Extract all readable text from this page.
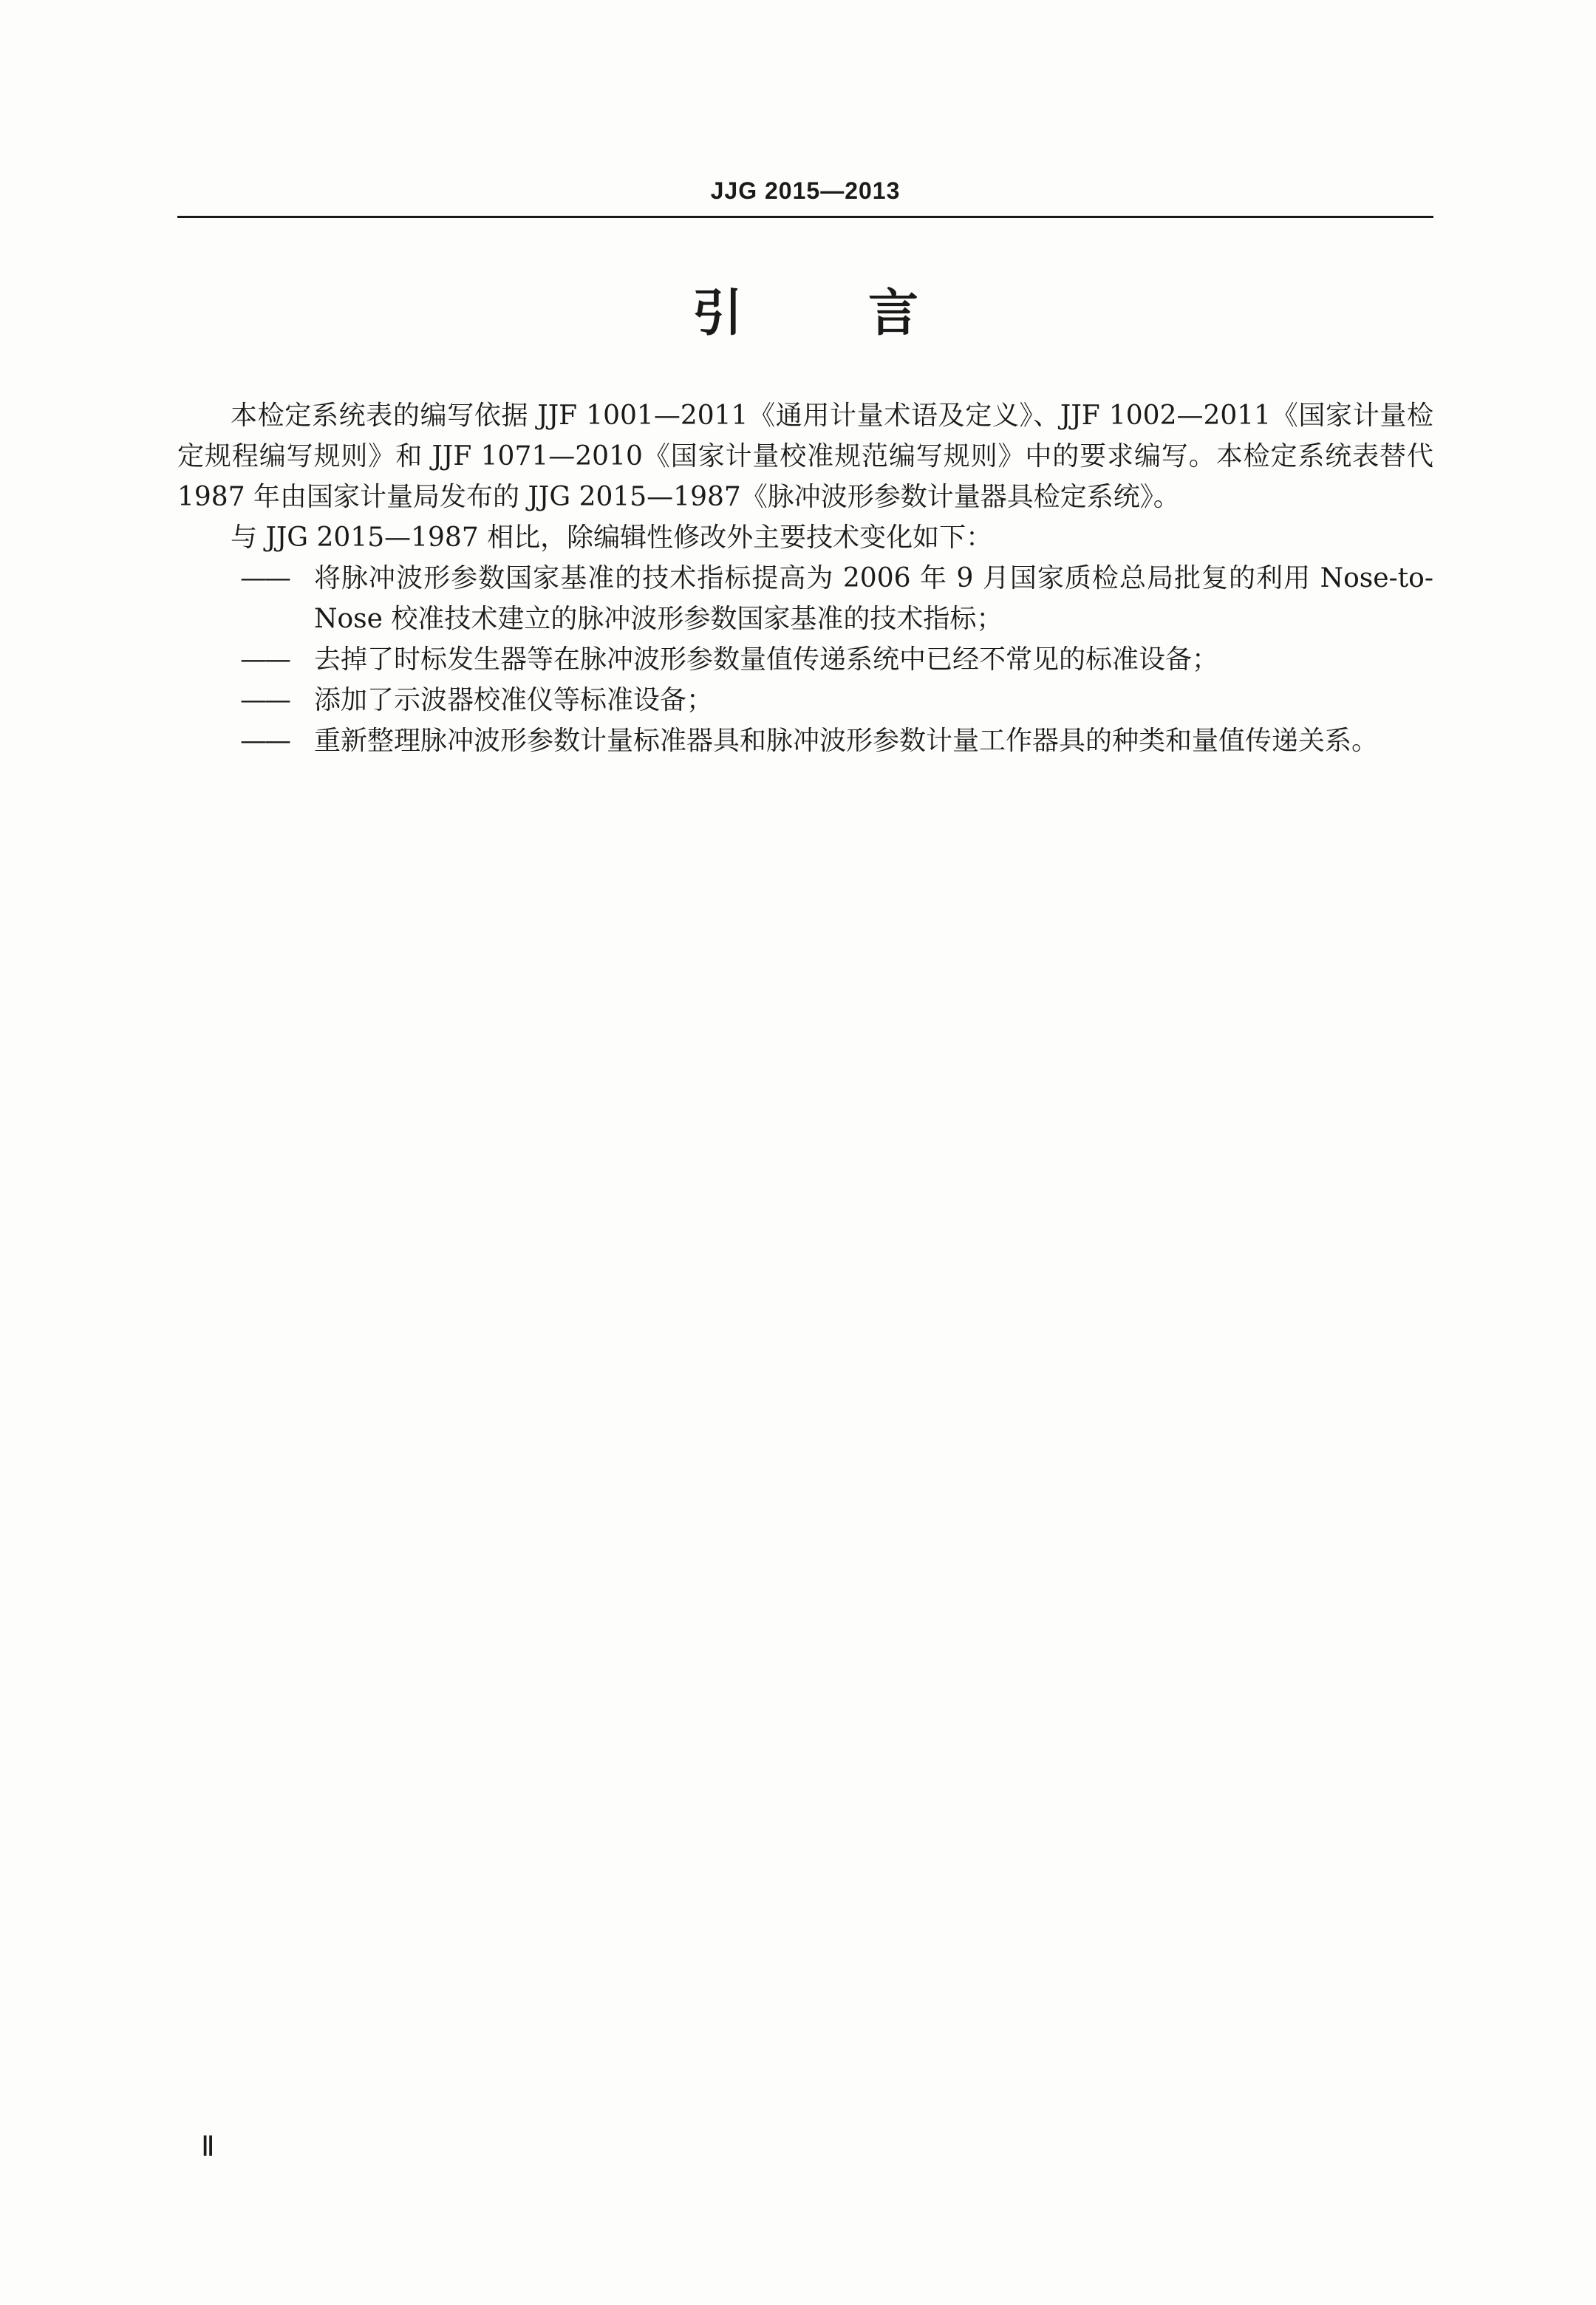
JJG 2015—2013
引	言

本检定系统表的编写依据 JJF 1001—2011《通用计量术语及定义》、JJF 1002—2011《国家计量检定规程编写规则》和 JJF 1071—2010《国家计量校准规范编写规则》中的要求编写。本检定系统表替代 1987 年由国家计量局发布的 JJG 2015—1987《脉冲波形参数计量器具检定系统》。

与 JJG 2015—1987 相比，除编辑性修改外主要技术变化如下：

—— 将脉冲波形参数国家基准的技术指标提高为 2006 年 9 月国家质检总局批复的利用 Nose-to-Nose 校准技术建立的脉冲波形参数国家基准的技术指标；
—— 去掉了时标发生器等在脉冲波形参数量值传递系统中已经不常见的标准设备；
—— 添加了示波器校准仪等标准设备；
—— 重新整理脉冲波形参数计量标准器具和脉冲波形参数计量工作器具的种类和量值传递关系。
Ⅱ
